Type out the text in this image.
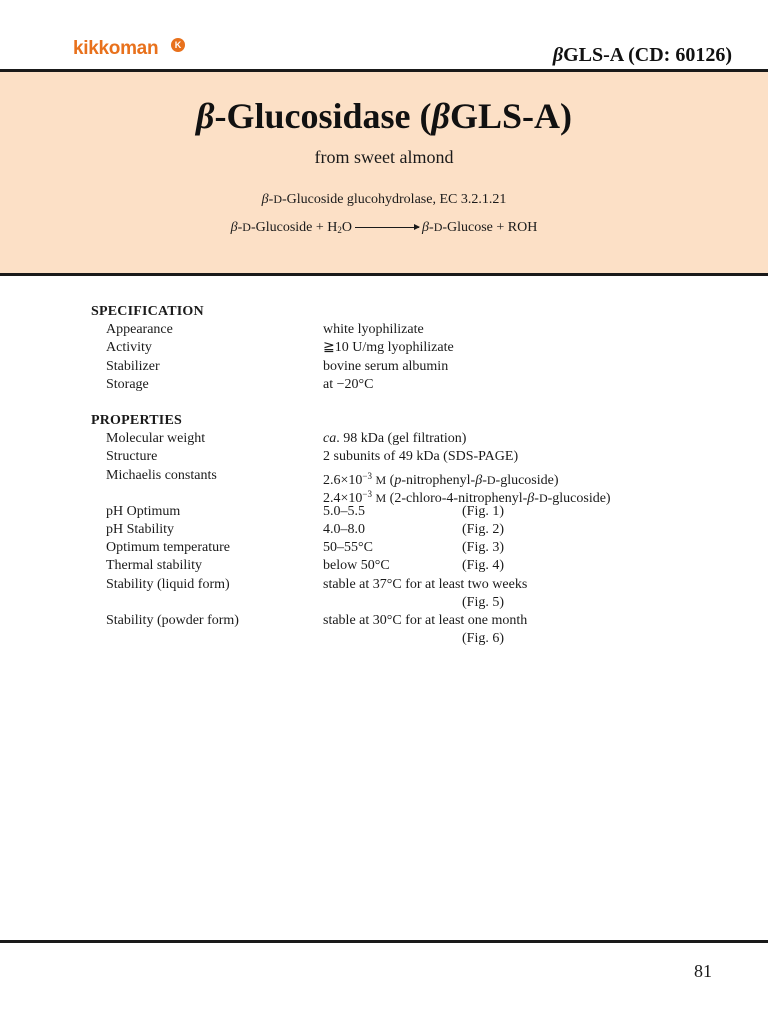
kikkoman	K	βGLS-A (CD: 60126)
β-Glucosidase (βGLS-A)
from sweet almond
β-D-Glucoside glucohydrolase, EC 3.2.1.21
β-D-Glucoside + $H_2O$	β-D-Glucose + ROH
SPECIFICATION
Appearance	white lyophilizate
Activity	≧10 U/mg lyophilizate
Stabilizer	bovine serum albumin
Storage	at −20°C
PROPERTIES
Molecular weight	ca. 98 kDa (gel filtration)
Structure	2 subunits of 49 kDa (SDS-PAGE)
Michaelis constants	$2.6\times 10^{-3}$ M (p-nitrophenyl-β-D-glucoside)
$2.4\times 10^{-3}$ M (2-chloro-4-nitrophenyl-β-D-glucoside)
pH Optimum	5.0–5.5	(Fig. 1)
pH Stability	4.0–8.0	(Fig. 2)
Optimum temperature	50–55°C	(Fig. 3)
Thermal stability	below 50°C	(Fig. 4)
Stability (liquid form)	stable at 37°C for at least two weeks
(Fig. 5)
Stability (powder form)	stable at 30°C for at least one month
(Fig. 6)
81
